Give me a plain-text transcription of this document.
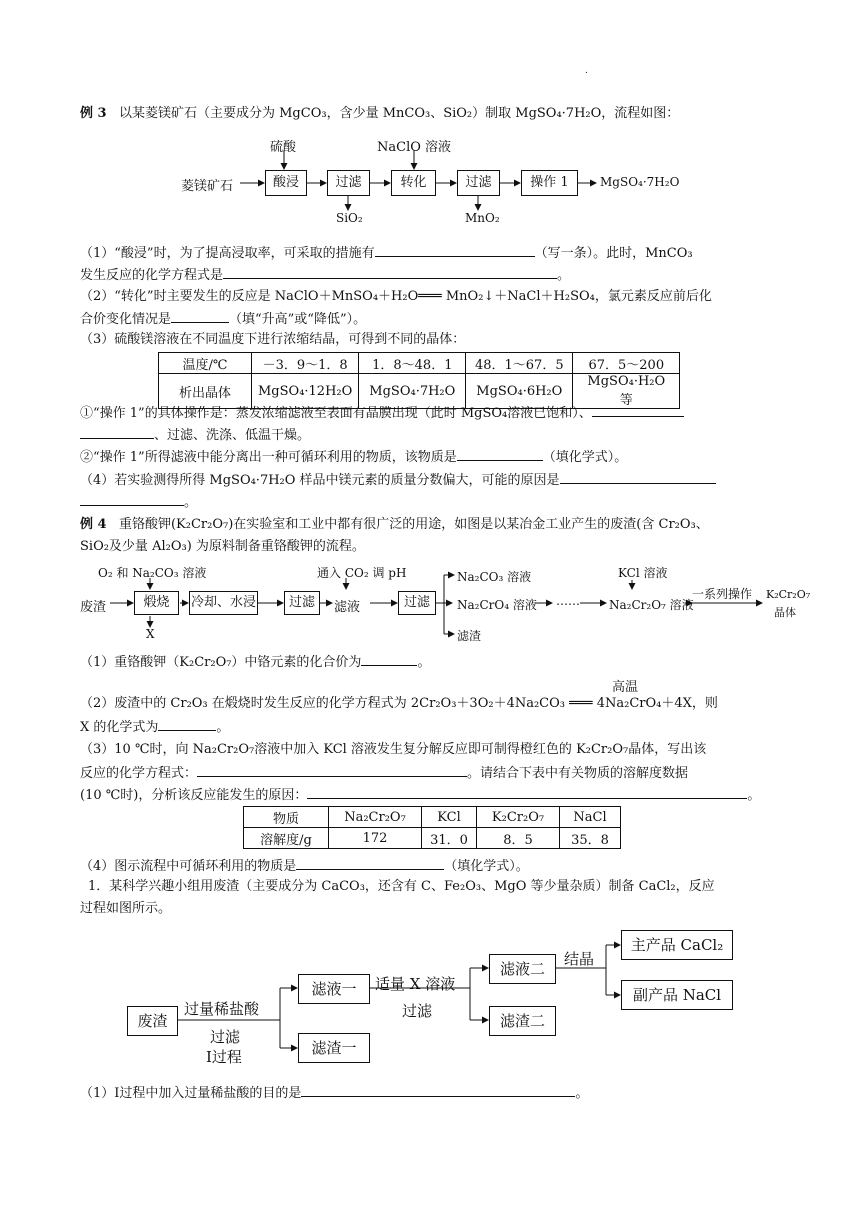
.
例 3 以某菱镁矿石（主要成分为 MgCO₃，含少量 MnCO₃、SiO₂）制取 MgSO₄·7H₂O，流程如图：
菱镁矿石
硫酸	NaClO 溶液
酸浸	过滤	转化	过滤	操作 1	MgSO₄·7H₂O
SiO₂	MnO₂
（1）“酸浸”时，为了提高浸取率，可采取的措施有	（写一条）。此时，MnCO₃
发生反应的化学方程式是	。
（2）“转化”时主要发生的反应是 NaClO＋MnSO₄＋H₂O═══ MnO₂↓＋NaCl＋H₂SO₄，氯元素反应前后化
合价变化情况是	（填“升高”或“降低”）。
（3）硫酸镁溶液在不同温度下进行浓缩结晶，可得到不同的晶体：
温度/℃	－3．9～1．8	1．8～48．1	48．1～67．5	67．5～200
析出晶体	MgSO₄·12H₂O	MgSO₄·7H₂O	MgSO₄·6H₂O	MgSO₄·H₂O 等
①“操作 1”的具体操作是：蒸发浓缩滤液至表面有晶膜出现（此时 MgSO₄溶液已饱和）、
、过滤、洗涤、低温干燥。
②“操作 1”所得滤液中能分离出一种可循环利用的物质，该物质是	（填化学式）。
（4）若实验测得所得 MgSO₄·7H₂O 样品中镁元素的质量分数偏大，可能的原因是
。
例 4 重铬酸钾(K₂Cr₂O₇)在实验室和工业中都有很广泛的用途，如图是以某冶金工业产生的废渣(含 Cr₂O₃、
SiO₂及少量 Al₂O₃) 为原料制备重铬酸钾的流程。
O₂ 和 Na₂CO₃ 溶液
废渣	煅烧
X
冷却、水浸	过滤
通入 CO₂ 调 pH
滤液	过滤
Na₂CO₃ 溶液
Na₂CrO₄ 溶液
滤渣
……
KCl 溶液
Na₂Cr₂O₇ 溶液
一系列操作 K₂Cr₂O₇
晶体
（1）重铬酸钾（K₂Cr₂O₇）中铬元素的化合价为	。
高温
（2）废渣中的 Cr₂O₃ 在煅烧时发生反应的化学方程式为 2Cr₂O₃＋3O₂＋4Na₂CO₃ ═══ 4Na₂CrO₄＋4X，则
X 的化学式为	。
（3）10 ℃时，向 Na₂Cr₂O₇溶液中加入 KCl 溶液发生复分解反应即可制得橙红色的 K₂Cr₂O₇晶体，写出该
反应的化学方程式：	。请结合下表中有关物质的溶解度数据
(10 ℃时)，分析该反应能发生的原因：	。
物质	Na₂Cr₂O₇	KCl	K₂Cr₂O₇	NaCl
溶解度/g	172	31．0	8．5	35．8
（4）图示流程中可循环利用的物质是	（填化学式）。
1．某科学兴趣小组用废渣（主要成分为 CaCO₃，还含有 C、Fe₂O₃、MgO 等少量杂质）制备 CaCl₂，反应
过程如图所示。
废渣
过量稀盐酸
过滤
Ⅰ过程
滤液一
滤渣一
适量 X 溶液
过滤
滤液二
滤渣二
结晶
主产品 CaCl₂
副产品 NaCl
（1）Ⅰ过程中加入过量稀盐酸的目的是	。
